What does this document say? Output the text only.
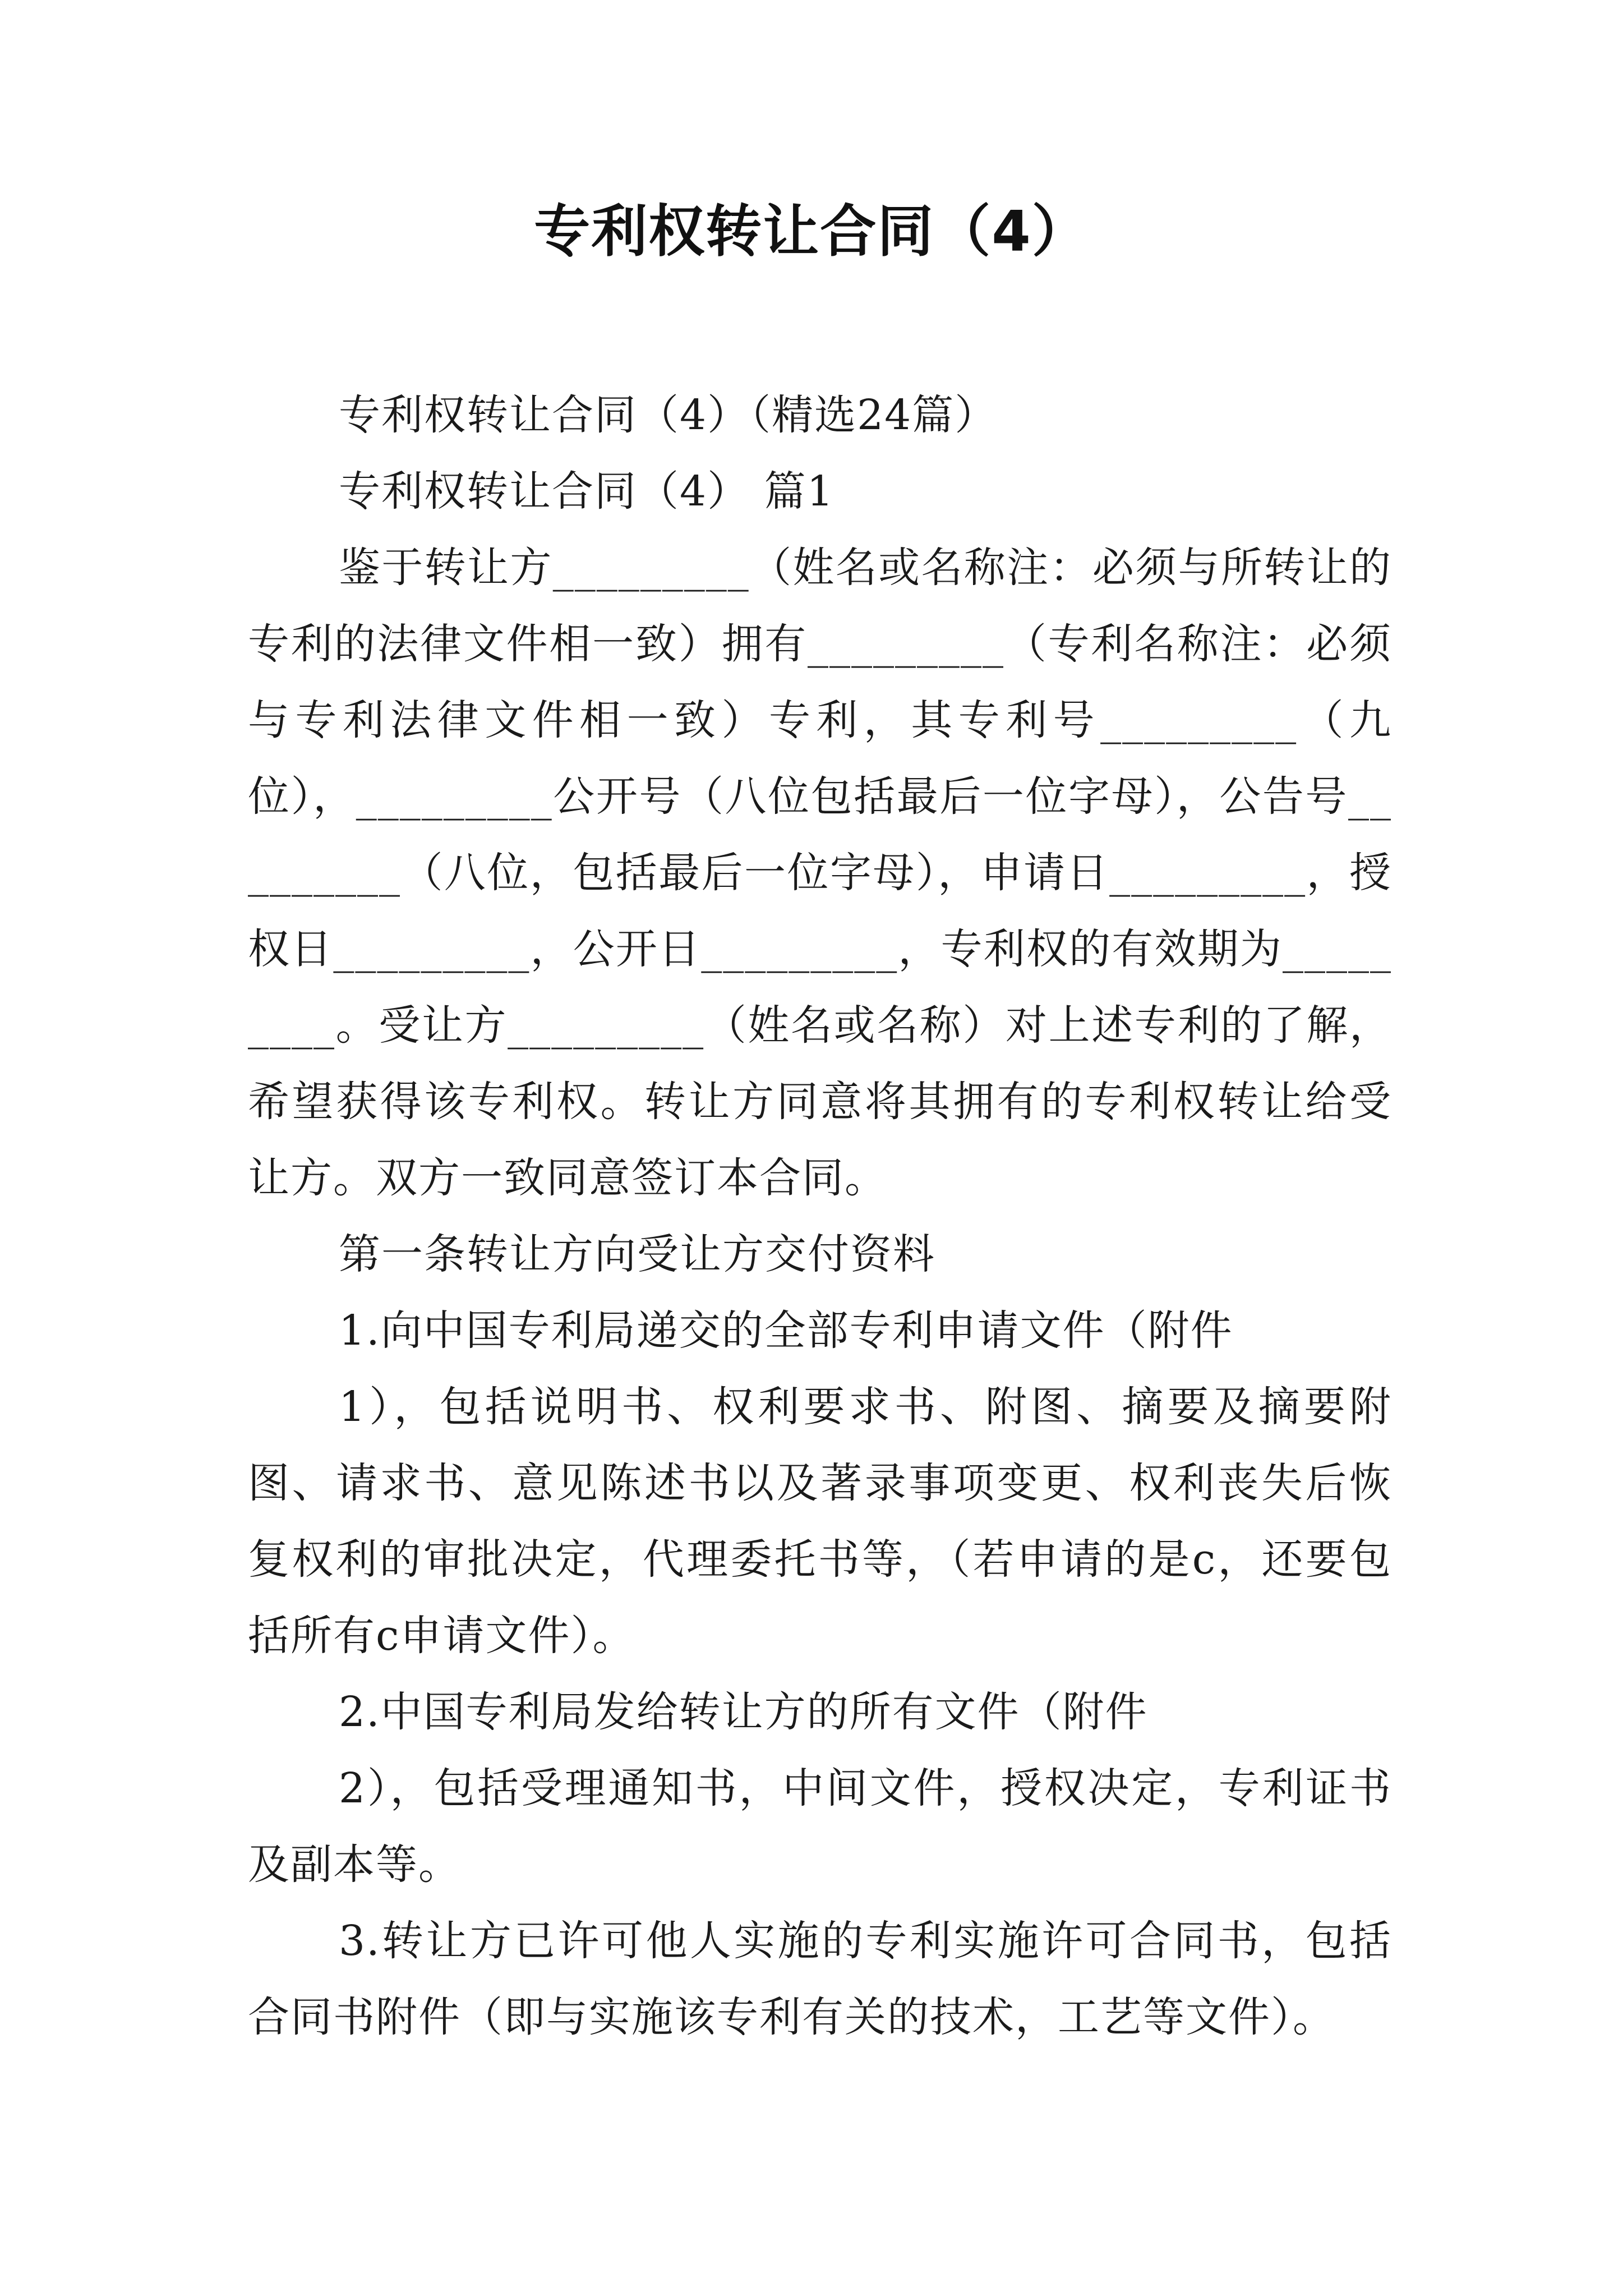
专利权转让合同（4）

专利权转让合同（4）（精选24篇）

专利权转让合同（4） 篇1

鉴于转让方_________（姓名或名称注：必须与所转让的专利的法律文件相一致）拥有_________（专利名称注：必须与专利法律文件相一致）专利，其专利号_________（九位），_________公开号（八位包括最后一位字母），公告号_________（八位，包括最后一位字母），申请日_________，授权日_________，公开日_________，专利权的有效期为_________。受让方_________（姓名或名称）对上述专利的了解，希望获得该专利权。转让方同意将其拥有的专利权转让给受让方。双方一致同意签订本合同。

第一条转让方向受让方交付资料

1.向中国专利局递交的全部专利申请文件（附件

1），包括说明书、权利要求书、附图、摘要及摘要附图、请求书、意见陈述书以及著录事项变更、权利丧失后恢复权利的审批决定，代理委托书等，（若申请的是c，还要包括所有c申请文件）。

2.中国专利局发给转让方的所有文件（附件

2），包括受理通知书，中间文件，授权决定，专利证书及副本等。

3.转让方已许可他人实施的专利实施许可合同书，包括合同书附件（即与实施该专利有关的技术，工艺等文件）。
